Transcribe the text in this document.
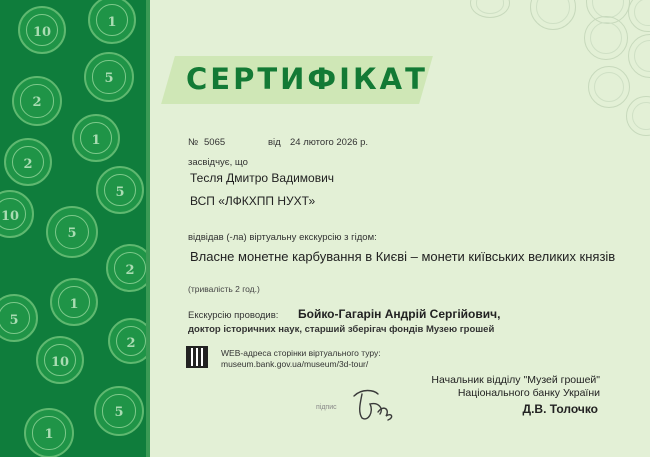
10
1
2
5
1
2
5
10
5
2
1
5
2
10
5
1
СЕРТИФІКАТ
№ 5065	від 24 лютого 2026 р.
засвідчує, що
Тесля Дмитро Вадимович
ВСП «ЛФКХПП НУХТ»
відвідав (-ла) віртуальну екскурсію з гідом:
Власне монетне карбування в Києві – монети київських великих князів
(тривалість 2 год.)
Екскурсію проводив: Бойко-Гагарін Андрій Сергійович,
доктор історичних наук, старший зберігач фондів Музею грошей
WEB-адреса сторінки віртуального туру:
museum.bank.gov.ua/museum/3d-tour/
підпис
Начальник відділу "Музей грошей"
Національного банку України
Д.В. Толочко
